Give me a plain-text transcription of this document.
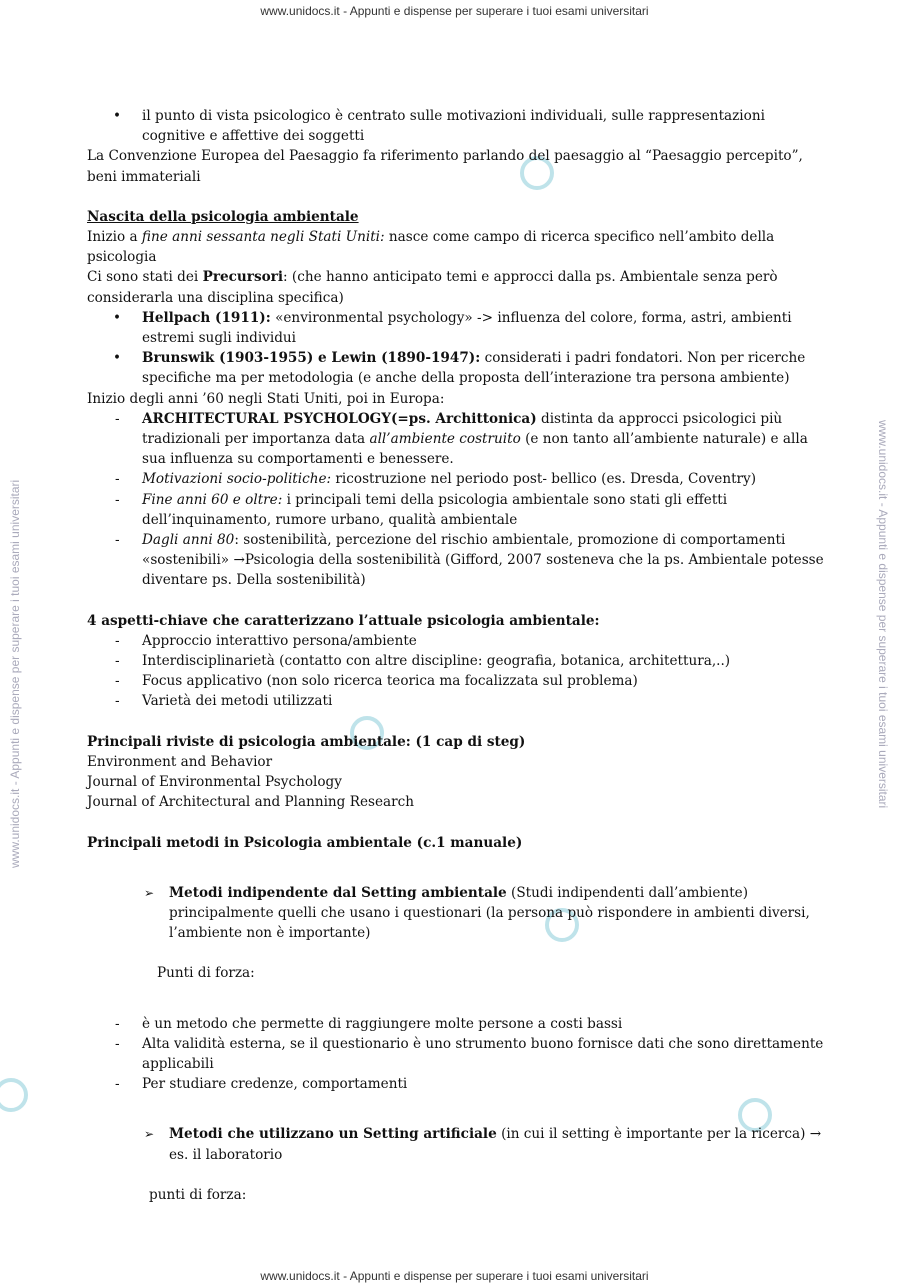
www.unidocs.it - Appunti e dispense per superare i tuoi esami universitari
www.unidocs.it - Appunti e dispense per superare i tuoi esami universitari
www.unidocs.it - Appunti e dispense per superare i tuoi esami universitari	www.unidocs.it - Appunti e dispense per superare i tuoi esami universitari
• il punto di vista psicologico è centrato sulle motivazioni individuali, sulle rappresentazioni cognitive e affettive dei soggetti

La Convenzione Europea del Paesaggio fa riferimento parlando del paesaggio al “Paesaggio percepito”, beni immateriali

Nascita della psicologia ambientale

Inizio a fine anni sessanta negli Stati Uniti: nasce come campo di ricerca specifico nell’ambito della psicologia

Ci sono stati dei Precursori: (che hanno anticipato temi e approcci dalla ps. Ambientale senza però considerarla una disciplina specifica)

• Hellpach (1911): «environmental psychology» -> influenza del colore, forma, astri, ambienti estremi sugli individui
• Brunswik (1903-1955) e Lewin (1890-1947): considerati i padri fondatori. Non per ricerche specifiche ma per metodologia (e anche della proposta dell’interazione tra persona ambiente)

Inizio degli anni ’60 negli Stati Uniti, poi in Europa:

- ARCHITECTURAL PSYCHOLOGY(=ps. Archittonica) distinta da approcci psicologici più tradizionali per importanza data all’ambiente costruito (e non tanto all’ambiente naturale) e alla sua influenza su comportamenti e benessere.
- Motivazioni socio-politiche: ricostruzione nel periodo post- bellico (es. Dresda, Coventry)
- Fine anni 60 e oltre: i principali temi della psicologia ambientale sono stati gli effetti dell’inquinamento, rumore urbano, qualità ambientale
- Dagli anni 80: sostenibilità, percezione del rischio ambientale, promozione di comportamenti «sostenibili» →Psicologia della sostenibilità (Gifford, 2007 sosteneva che la ps. Ambientale potesse diventare ps. Della sostenibilità)

4 aspetti-chiave che caratterizzano l’attuale psicologia ambientale:

- Approccio interattivo persona/ambiente
- Interdisciplinarietà (contatto con altre discipline: geografia, botanica, architettura,..)
- Focus applicativo (non solo ricerca teorica ma focalizzata sul problema)
- Varietà dei metodi utilizzati

Principali riviste di psicologia ambientale: (1 cap di steg)

Environment and Behavior

Journal of Environmental Psychology

Journal of Architectural and Planning Research

Principali metodi in Psicologia ambientale (c.1 manuale)

➢ Metodi indipendente dal Setting ambientale (Studi indipendenti dall’ambiente) principalmente quelli che usano i questionari (la persona può rispondere in ambienti diversi, l’ambiente non è importante)

Punti di forza:

- è un metodo che permette di raggiungere molte persone a costi bassi
- Alta validità esterna, se il questionario è uno strumento buono fornisce dati che sono direttamente applicabili
- Per studiare credenze, comportamenti
➢ Metodi che utilizzano un Setting artificiale (in cui il setting è importante per la ricerca) → es. il laboratorio

punti di forza:
